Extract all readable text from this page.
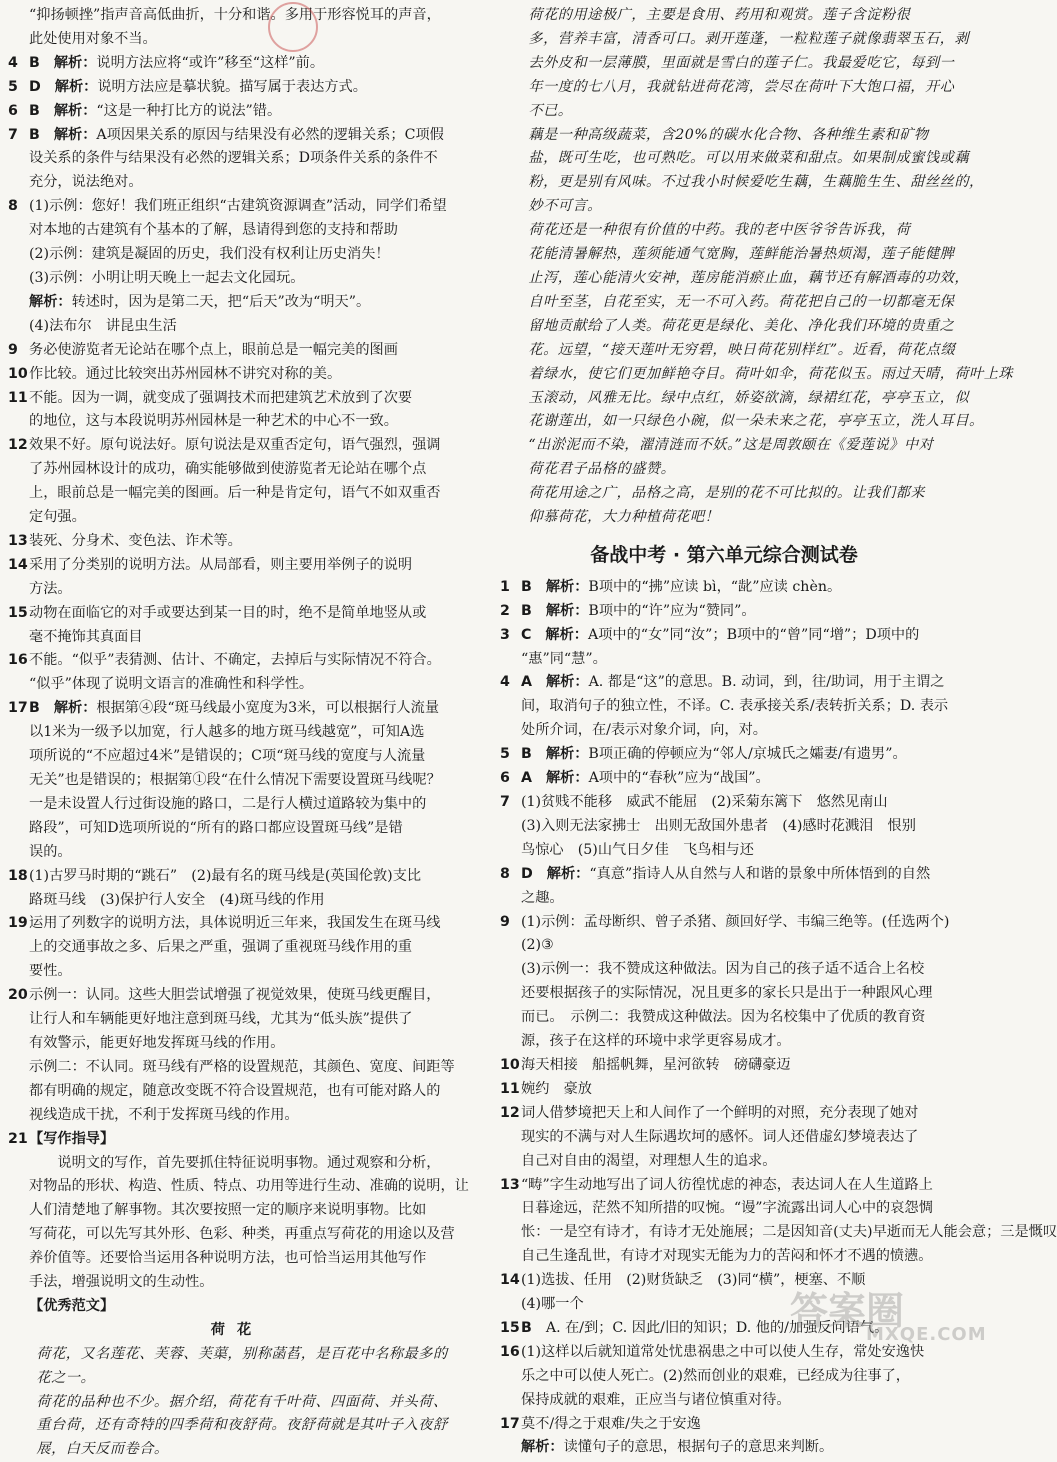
“抑扬顿挫”指声音高低曲折，十分和谐。多用于形容悦耳的声音，
此处使用对象不当。
4 B 解析：说明方法应将“或许”移至“这样”前。
5 D 解析：说明方法应是摹状貌。描写属于表达方式。
6 B 解析：“这是一种打比方的说法”错。
7 B 解析：A项因果关系的原因与结果没有必然的逻辑关系；C项假
设关系的条件与结果没有必然的逻辑关系；D项条件关系的条件不
充分，说法绝对。
8 (1)示例：您好！我们班正组织“古建筑资源调查”活动，同学们希望
对本地的古建筑有个基本的了解，恳请得到您的支持和帮助
(2)示例：建筑是凝固的历史，我们没有权利让历史消失！
(3)示例：小明让明天晚上一起去文化园玩。
解析：转述时，因为是第二天，把“后天”改为“明天”。
(4)法布尔　讲昆虫生活
9 务必使游览者无论站在哪个点上，眼前总是一幅完美的图画
10 作比较。通过比较突出苏州园林不讲究对称的美。
11 不能。因为一调，就变成了强调技术而把建筑艺术放到了次要
的地位，这与本段说明苏州园林是一种艺术的中心不一致。
12 效果不好。原句说法好。原句说法是双重否定句，语气强烈，强调
了苏州园林设计的成功，确实能够做到使游览者无论站在哪个点
上，眼前总是一幅完美的图画。后一种是肯定句，语气不如双重否
定句强。
13 装死、分身术、变色法、诈术等。
14 采用了分类别的说明方法。从局部看，则主要用举例子的说明
方法。
15 动物在面临它的对手或要达到某一目的时，绝不是简单地竖从或
毫不掩饰其真面目
16 不能。“似乎”表猜测、估计、不确定，去掉后与实际情况不符合。
“似乎”体现了说明文语言的准确性和科学性。
17 B 解析：根据第④段“斑马线最小宽度为3米，可以根据行人流量
以1米为一级予以加宽，行人越多的地方斑马线越宽”，可知A选
项所说的“不应超过4米”是错误的；C项“斑马线的宽度与人流量
无关”也是错误的；根据第①段“在什么情况下需要设置斑马线呢？
一是未设置人行过街设施的路口，二是行人横过道路较为集中的
路段”，可知D选项所说的“所有的路口都应设置斑马线”是错
误的。
18 (1)古罗马时期的“跳石”　(2)最有名的斑马线是(英国伦敦)支比
路斑马线　(3)保护行人安全　(4)斑马线的作用
19 运用了列数字的说明方法，具体说明近三年来，我国发生在斑马线
上的交通事故之多、后果之严重，强调了重视斑马线作用的重
要性。
20 示例一：认同。这些大胆尝试增强了视觉效果，使斑马线更醒目，
让行人和车辆能更好地注意到斑马线，尤其为“低头族”提供了
有效警示，能更好地发挥斑马线的作用。
示例二：不认同。斑马线有严格的设置规范，其颜色、宽度、间距等
都有明确的规定，随意改变既不符合设置规范，也有可能对路人的
视线造成干扰，不利于发挥斑马线的作用。
21 【写作指导】
　　说明文的写作，首先要抓住特征说明事物。通过观察和分析，
对物品的形状、构造、性质、特点、功用等进行生动、准确的说明，让
人们清楚地了解事物。其次要按照一定的顺序来说明事物。比如
写荷花，可以先写其外形、色彩、种类，再重点写荷花的用途以及营
养价值等。还要恰当运用各种说明方法，也可恰当运用其他写作
手法，增强说明文的生动性。
【优秀范文】
荷花

荷花，又名莲花、芙蓉、芙蕖，别称菡萏，是百花中名称最多的
花之一。

荷花的品种也不少。据介绍，荷花有千叶荷、四面荷、并头荷、
重台荷，还有奇特的四季荷和夜舒荷。夜舒荷就是其叶子入夜舒
展，白天反而卷合。

荷花的用途极广，主要是食用、药用和观赏。莲子含淀粉很
多，营养丰富，清香可口。剥开莲蓬，一粒粒莲子就像翡翠玉石，剥
去外皮和一层薄膜，里面就是雪白的莲子仁。我最爱吃它，每到一
年一度的七八月，我就钻进荷花湾，尝尽在荷叶下大饱口福，开心
不已。

藕是一种高级蔬菜，含20%的碳水化合物、各种维生素和矿物
盐，既可生吃，也可熟吃。可以用来做菜和甜点。如果制成蜜饯或藕
粉，更是别有风味。不过我小时候爱吃生藕，生藕脆生生、甜丝丝的，
妙不可言。

荷花还是一种很有价值的中药。我的老中医爷爷告诉我，荷
花能清暑解热，莲须能通气宽胸，莲鲜能治暑热烦渴，莲子能健脾
止泻，莲心能清火安神，莲房能消瘀止血，藕节还有解酒毒的功效，
自叶至茎，自花至实，无一不可入药。荷花把自己的一切都毫无保
留地贡献给了人类。荷花更是绿化、美化、净化我们环境的贵重之
花。远望，“接天莲叶无穷碧，映日荷花别样红”。近看，荷花点缀
着绿水，使它们更加鲜艳夺目。荷叶如伞，荷花似玉。雨过天晴，荷叶上珠
玉滚动，风雅无比。绿中点红，娇姿欲滴，绿裙红花，亭亭玉立，似
花谢莲出，如一只绿色小碗，似一朵未来之花，亭亭玉立，洗人耳目。

“出淤泥而不染，濯清涟而不妖。”这是周敦颐在《爱莲说》中对
荷花君子品格的盛赞。

荷花用途之广，品格之高，是别的花不可比拟的。让我们都来
仰慕荷花，大力种植荷花吧！

备战中考 · 第六单元综合测试卷
1 B 解析：B项中的“拂”应读 bì，“龀”应读 chèn。
2 B 解析：B项中的“许”应为“赞同”。
3 C 解析：A项中的“女”同“汝”；B项中的“曾”同“增”；D项中的
“惠”同“慧”。
4 A 解析：A. 都是“这”的意思。B. 动词，到，往/助词，用于主谓之
间，取消句子的独立性，不译。C. 表承接关系/表转折关系；D. 表示
处所介词，在/表示对象介词，向，对。
5 B 解析：B项正确的停顿应为“邻人/京城氏之孀妻/有遗男”。
6 A 解析：A项中的“春秋”应为“战国”。
7 (1)贫贱不能移　威武不能屈　(2)采菊东篱下　悠然见南山
(3)入则无法家拂士　出则无敌国外患者　(4)感时花溅泪　恨别
鸟惊心　(5)山气日夕佳　飞鸟相与还
8 D 解析：“真意”指诗人从自然与人和谐的景象中所体悟到的自然
之趣。
9 (1)示例：孟母断织、曾子杀猪、颜回好学、韦编三绝等。(任选两个)
(2)③
(3)示例一：我不赞成这种做法。因为自己的孩子适不适合上名校
还要根据孩子的实际情况，况且更多的家长只是出于一种跟风心理
而已。　示例二：我赞成这种做法。因为名校集中了优质的教育资
源，孩子在这样的环境中求学更容易成才。
10 海天相接　船摇帆舞，星河欲转　磅礴豪迈
11 婉约　豪放
12 词人借梦境把天上和人间作了一个鲜明的对照，充分表现了她对
现实的不满与对人生际遇坎坷的感怀。词人还借虚幻梦境表达了
自己对自由的渴望，对理想人生的追求。
13 “畴”字生动地写出了词人彷徨忧虑的神态，表达词人在人生道路上
日暮途远，茫然不知所措的叹惋。“谩”字流露出词人心中的哀怨惆
怅：一是空有诗才，有诗才无处施展；二是因知音(丈夫)早逝而无人能会意；三是慨叹
自己生逢乱世，有诗才对现实无能为力的苦闷和怀才不遇的愤懑。
14 (1)选拔、任用　(2)财货缺乏　(3)同“横”，梗塞、不顺
(4)哪一个
15 B A. 在/到；C. 因此/旧的知识；D. 他的/加强反问语气。
16 (1)这样以后就知道常处忧患祸患之中可以使人生存，常处安逸快
乐之中可以使人死亡。(2)然而创业的艰难，已经成为往事了，
保持成就的艰难，正应当与诸位慎重对待。
17 莫不/得之于艰难/失之于安逸
解析：读懂句子的意思，根据句子的意思来判断。
答案圈
MXQE.COM
